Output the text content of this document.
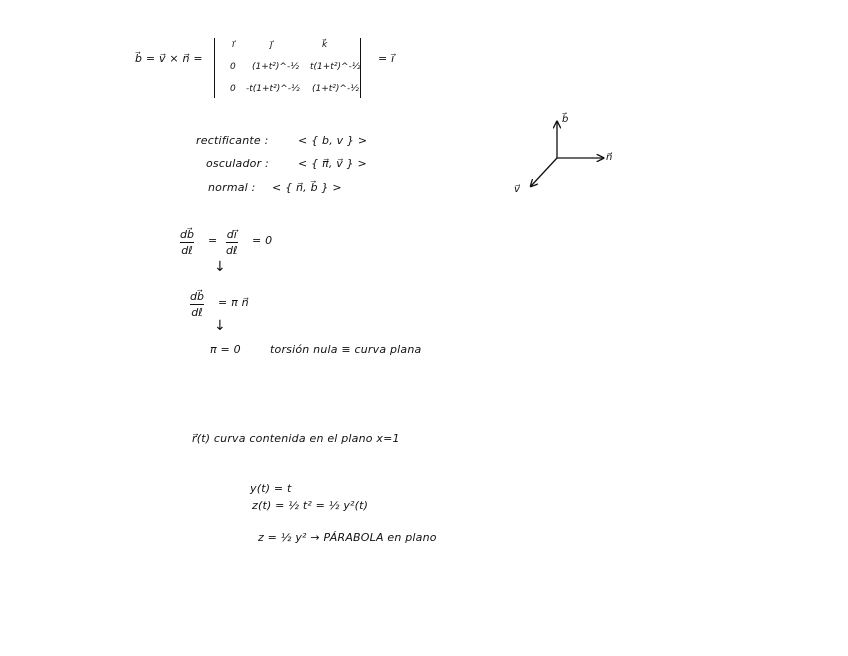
b⃗ = v⃗ × n⃗ =
i⃗	j⃗	k⃗
0 (1+t²)^-½ t(1+t²)^-½
0 -t(1+t²)^-½ (1+t²)^-½
= i⃗
rectificante :	< { b, v } >
osculador :	< { π⃗, v⃗ } >
normal : < { n⃗, b⃗ } >
b⃗
n⃗
v⃗
db⃗
dℓ
= di⃗
dℓ
= 0
↓
db⃗
dℓ
= π n⃗
↓
π = 0	torsión nula ≡ curva plana
r⃗(t) curva contenida en el plano x=1
y(t) = t
z(t) = ½ t² = ½ y²(t)
z = ½ y² → PÁRABOLA en plano
